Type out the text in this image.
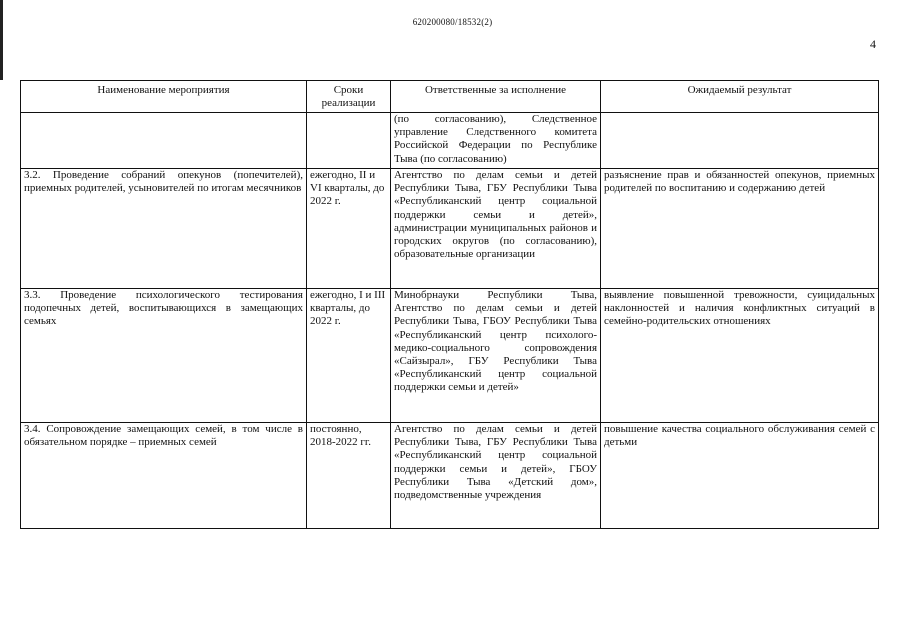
620200080/18532(2)
4
Наименование мероприятия	Сроки реализации	Ответственные за исполнение	Ожидаемый результат
		(по согласованию), Следственное управление Следственного комитета Российской Федерации по Республике Тыва (по согласованию)	
3.2. Проведение собраний опекунов (попечителей), приемных родителей, усыновителей по итогам месячников	ежегодно, II и VI кварталы, до 2022 г.	Агентство по делам семьи и детей Республики Тыва, ГБУ Республики Тыва «Республиканский центр социальной поддержки семьи и детей», администрации муниципальных районов и городских округов (по согласованию), образовательные организации	разъяснение прав и обязанностей опекунов, приемных родителей по воспитанию и содержанию детей
3.3. Проведение психологического тестирования подопечных детей, воспитывающихся в замещающих семьях	ежегодно, I и III кварталы, до 2022 г.	Минобрнауки Республики Тыва, Агентство по делам семьи и детей Республики Тыва, ГБОУ Республики Тыва «Республиканский центр психолого-медико-социального сопровождения «Сайзырал», ГБУ Республики Тыва «Республиканский центр социальной поддержки семьи и детей»	выявление повышенной тревожности, суицидальных наклонностей и наличия конфликтных ситуаций в семейно-родительских отношениях
3.4. Сопровождение замещающих семей, в том числе в обязательном порядке – приемных семей	постоянно, 2018-2022 гг.	Агентство по делам семьи и детей Республики Тыва, ГБУ Республики Тыва «Республиканский центр социальной поддержки семьи и детей», ГБОУ Республики Тыва «Детский дом», подведомственные учреждения	повышение качества социального обслуживания семей с детьми
